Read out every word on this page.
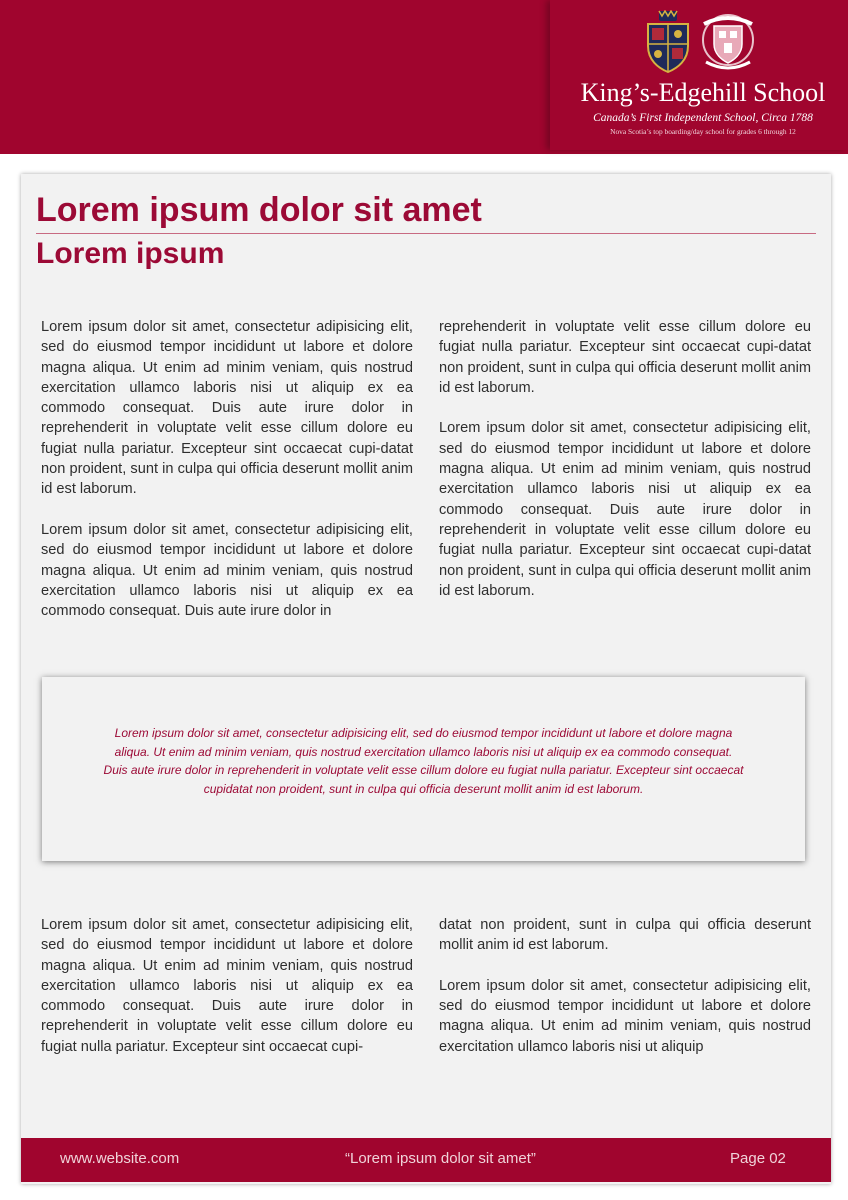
King’s-Edgehill School
Canada’s First Independent School, Circa 1788
Nova Scotia’s top boarding/day school for grades 6 through 12
Lorem ipsum dolor sit amet
Lorem ipsum

Lorem ipsum dolor sit amet, consectetur adipisicing elit, sed do eiusmod tempor incididunt ut labore et dolore magna aliqua. Ut enim ad minim veniam, quis nostrud exercitation ullamco laboris nisi ut aliquip ex ea commodo consequat. Duis aute irure dolor in reprehenderit in voluptate velit esse cillum dolore eu fugiat nulla pariatur. Excepteur sint occaecat cupi-datat non proident, sunt in culpa qui officia deserunt mollit anim id est laborum.

Lorem ipsum dolor sit amet, consectetur adipisicing elit, sed do eiusmod tempor incididunt ut labore et dolore magna aliqua. Ut enim ad minim veniam, quis nostrud exercitation ullamco laboris nisi ut aliquip ex ea commodo consequat. Duis aute irure dolor in

reprehenderit in voluptate velit esse cillum dolore eu fugiat nulla pariatur. Excepteur sint occaecat cupi-datat non proident, sunt in culpa qui officia deserunt mollit anim id est laborum.

Lorem ipsum dolor sit amet, consectetur adipisicing elit, sed do eiusmod tempor incididunt ut labore et dolore magna aliqua. Ut enim ad minim veniam, quis nostrud exercitation ullamco laboris nisi ut aliquip ex ea commodo consequat. Duis aute irure dolor in reprehenderit in voluptate velit esse cillum dolore eu fugiat nulla pariatur. Excepteur sint occaecat cupi-datat non proident, sunt in culpa qui officia deserunt mollit anim id est laborum.

Lorem ipsum dolor sit amet, consectetur adipisicing elit, sed do eiusmod tempor incididunt ut labore et dolore magna aliqua. Ut enim ad minim veniam, quis nostrud exercitation ullamco laboris nisi ut aliquip ex ea commodo consequat. Duis aute irure dolor in reprehenderit in voluptate velit esse cillum dolore eu fugiat nulla pariatur. Excepteur sint occaecat cupidatat non proident, sunt in culpa qui officia deserunt mollit anim id est laborum.

Lorem ipsum dolor sit amet, consectetur adipisicing elit, sed do eiusmod tempor incididunt ut labore et dolore magna aliqua. Ut enim ad minim veniam, quis nostrud exercitation ullamco laboris nisi ut aliquip ex ea commodo consequat. Duis aute irure dolor in reprehenderit in voluptate velit esse cillum dolore eu fugiat nulla pariatur. Excepteur sint occaecat cupi-

datat non proident, sunt in culpa qui officia deserunt mollit anim id est laborum.

Lorem ipsum dolor sit amet, consectetur adipisicing elit, sed do eiusmod tempor incididunt ut labore et dolore magna aliqua. Ut enim ad minim veniam, quis nostrud exercitation ullamco laboris nisi ut aliquip

www.website.com	“Lorem ipsum dolor sit amet”	Page 02
